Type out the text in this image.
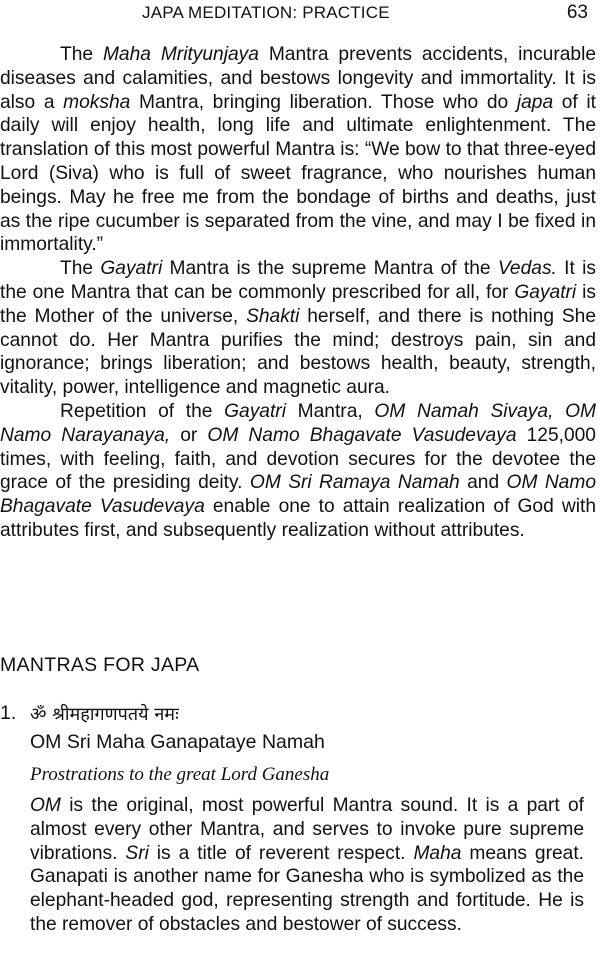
JAPA MEDITATION: PRACTICE	63

The Maha Mrityunjaya Mantra prevents accidents, incurable diseases and calamities, and bestows longevity and immortality. It is also a moksha Mantra, bringing liberation. Those who do japa of it daily will enjoy health, long life and ultimate enlightenment. The translation of this most powerful Mantra is: “We bow to that three-eyed Lord (Siva) who is full of sweet fragrance, who nourishes human beings. May he free me from the bondage of births and deaths, just as the ripe cucumber is separated from the vine, and may I be fixed in immortality.”

The Gayatri Mantra is the supreme Mantra of the Vedas. It is the one Mantra that can be commonly prescribed for all, for Gayatri is the Mother of the universe, Shakti herself, and there is nothing She cannot do. Her Mantra purifies the mind; destroys pain, sin and ignorance; brings liberation; and bestows health, beauty, strength, vitality, power, intelligence and magnetic aura.

Repetition of the Gayatri Mantra, OM Namah Sivaya, OM Namo Narayanaya, or OM Namo Bhagavate Vasudevaya 125,000 times, with feeling, faith, and devotion secures for the devotee the grace of the presiding deity. OM Sri Ramaya Namah and OM Namo Bhagavate Vasudevaya enable one to attain realization of God with attributes first, and subsequently realization without attributes.

MANTRAS FOR JAPA
1. ॐ श्रीमहागणपतये नमः
OM Sri Maha Ganapataye Namah
Prostrations to the great Lord Ganesha

OM is the original, most powerful Mantra sound. It is a part of almost every other Mantra, and serves to invoke pure supreme vibrations. Sri is a title of reverent respect. Maha means great. Ganapati is another name for Ganesha who is symbolized as the elephant-headed god, representing strength and fortitude. He is the remover of obstacles and bestower of success.
